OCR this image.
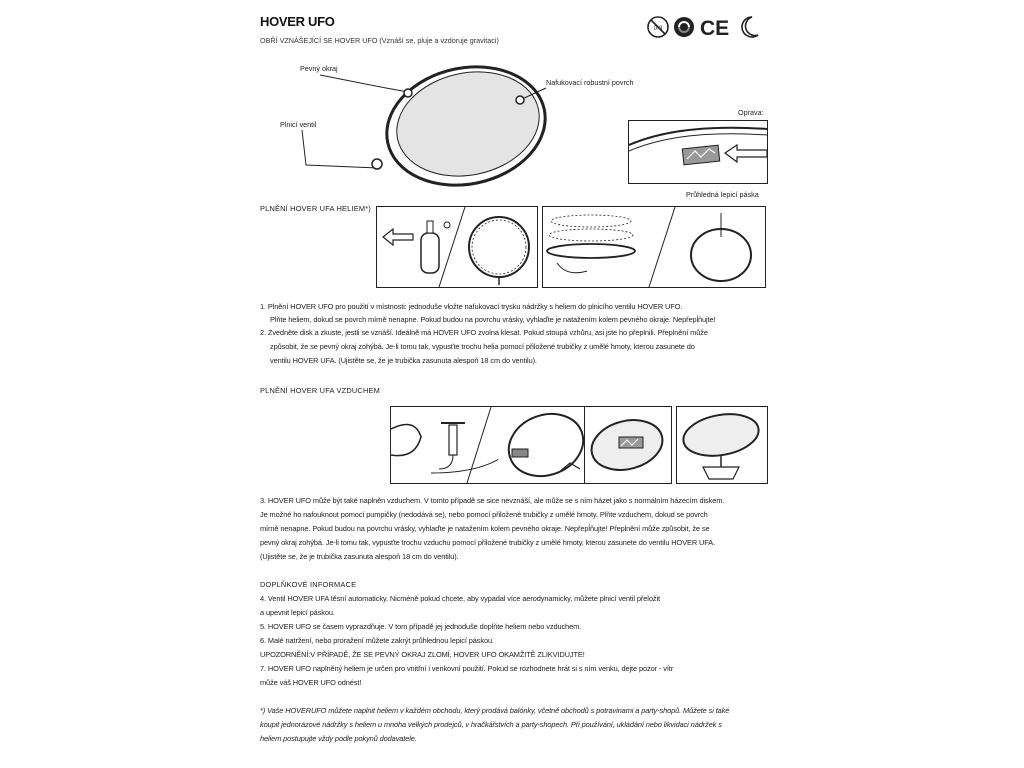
HOVER UFO
OBŘÍ VZNÁŠEJÍCÍ SE HOVER UFO (Vznáší se, pluje a vzdoruje gravitaci)
0-3 CE
Pevný okraj
Nafukovací robustní povrch
Plnicí ventil
Oprava:
Průhledná lepicí páska
PLNĚNÍ HOVER UFA HELIEM*)
1. Plnění HOVER UFO pro použití v místnosti: jednoduše vložte nafukovací trysku nádržky s heliem do plnicího ventilu HOVER UFO.
Plňte heliem, dokud se povrch mírně nenapne. Pokud budou na povrchu vrásky, vyhlaďte je natažením kolem pevného okraje. Nepřepĺňujte!
2. Zvedněte disk a zkuste, jestli se vznáší. Ideálně má HOVER UFO zvolna klesat. Pokud stoupá vzhůru, asi jste ho přeplnili. Přeplnění může
způsobit, že se pevný okraj zohýbá. Je-li tomu tak, vypusťte trochu helia pomocí přiložené trubičky z umělé hmoty, kterou zasunete do
ventilu HOVER UFA. (Ujistěte se, že je trubička zasunuta alespoň 18 cm do ventilu).
PLNĚNÍ HOVER UFA VZDUCHEM
3. HOVER UFO může být také naplněn vzduchem. V tomto případě se sice nevznáší, ale může se s ním házet jako s normálním házecím diskem.
Je možné ho nafouknout pomocí pumpičky (nedodává se), nebo pomocí přiložené trubičky z umělé hmoty. Plňte vzduchem, dokud se povrch
mírně nenapne. Pokud budou na povrchu vrásky, vyhlaďte je natažením kolem pevného okraje. Nepřepĺňujte! Přeplnění může způsobit, že se
pevný okraj zohýbá. Je-li tomu tak, vypusťte trochu vzduchu pomocí přiložené trubičky z umělé hmoty, kterou zasunete do ventilu HOVER UFA.
(Ujistěte se, že je trubička zasunuta alespoň 18 cm do ventilu).
DOPLŇKOVÉ INFORMACE
4. Ventil HOVER UFA těsní automaticky. Nicméně pokud chcete, aby vypadal více aerodynamicky, můžete plnicí ventil přeložit
a upevnit lepicí páskou.
5. HOVER UFO se časem vyprazdňuje. V tom případě jej jednoduše doplňte heliem nebo vzduchem.
6. Malé natržení, nebo proražení můžete zakrýt průhlednou lepicí páskou.
UPOZORNĚNÍ:V PŘÍPADĚ, ŽE SE PEVNÝ OKRAJ ZLOMÍ, HOVER UFO OKAMŽITĚ ZLIKVIDUJTE!
7. HOVER UFO naplněný heliem je určen pro vnitřní i venkovní použití. Pokud se rozhodnete hrát si s ním venku, dejte pozor - vítr
může váš HOVER UFO odnést!
*) Vaše HOVERUFO můžete naplnit heliem v každém obchodu, který prodává balónky, včetně obchodů s potravinami a party-shopů. Můžete si také
koupit jednorázové nádržky s heliem u mnoha velkých prodejců, v hračkářstvích a party-shopech. Při používání, ukládání nebo likvidaci nádržek s
heliem postupujte vždy podle pokynů dodavatele.
